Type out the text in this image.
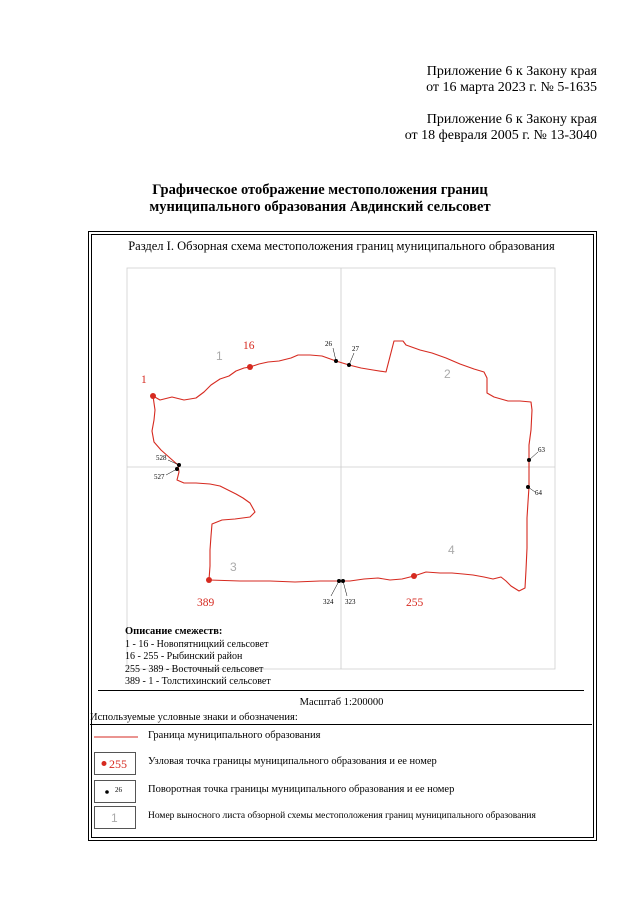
Приложение 6 к Закону края
от 16 марта 2023 г. № 5-1635
Приложение 6 к Закону края
от 18 февраля 2005 г. № 13-3040
Графическое отображение местоположения границ
муниципального образования Авдинский сельсовет
Раздел I. Обзорная схема местоположения границ муниципального образования
1
2
3
4
1
16
255
389
26
27
63
64
528
527
324 323
Описание смежеств:
1 - 16 - Новопятницкий сельсовет
16 - 255 - Рыбинский район
255 - 389 - Восточный сельсовет
389 - 1 - Толстихинский сельсовет
Масштаб 1:200000
Используемые условные знаки и обозначения:
Граница муниципального образования
255 Узловая точка границы муниципального образования и ее номер
26 Поворотная точка границы муниципального образования и ее номер
1	Номер выносного листа обзорной схемы местоположения границ муниципального образования
